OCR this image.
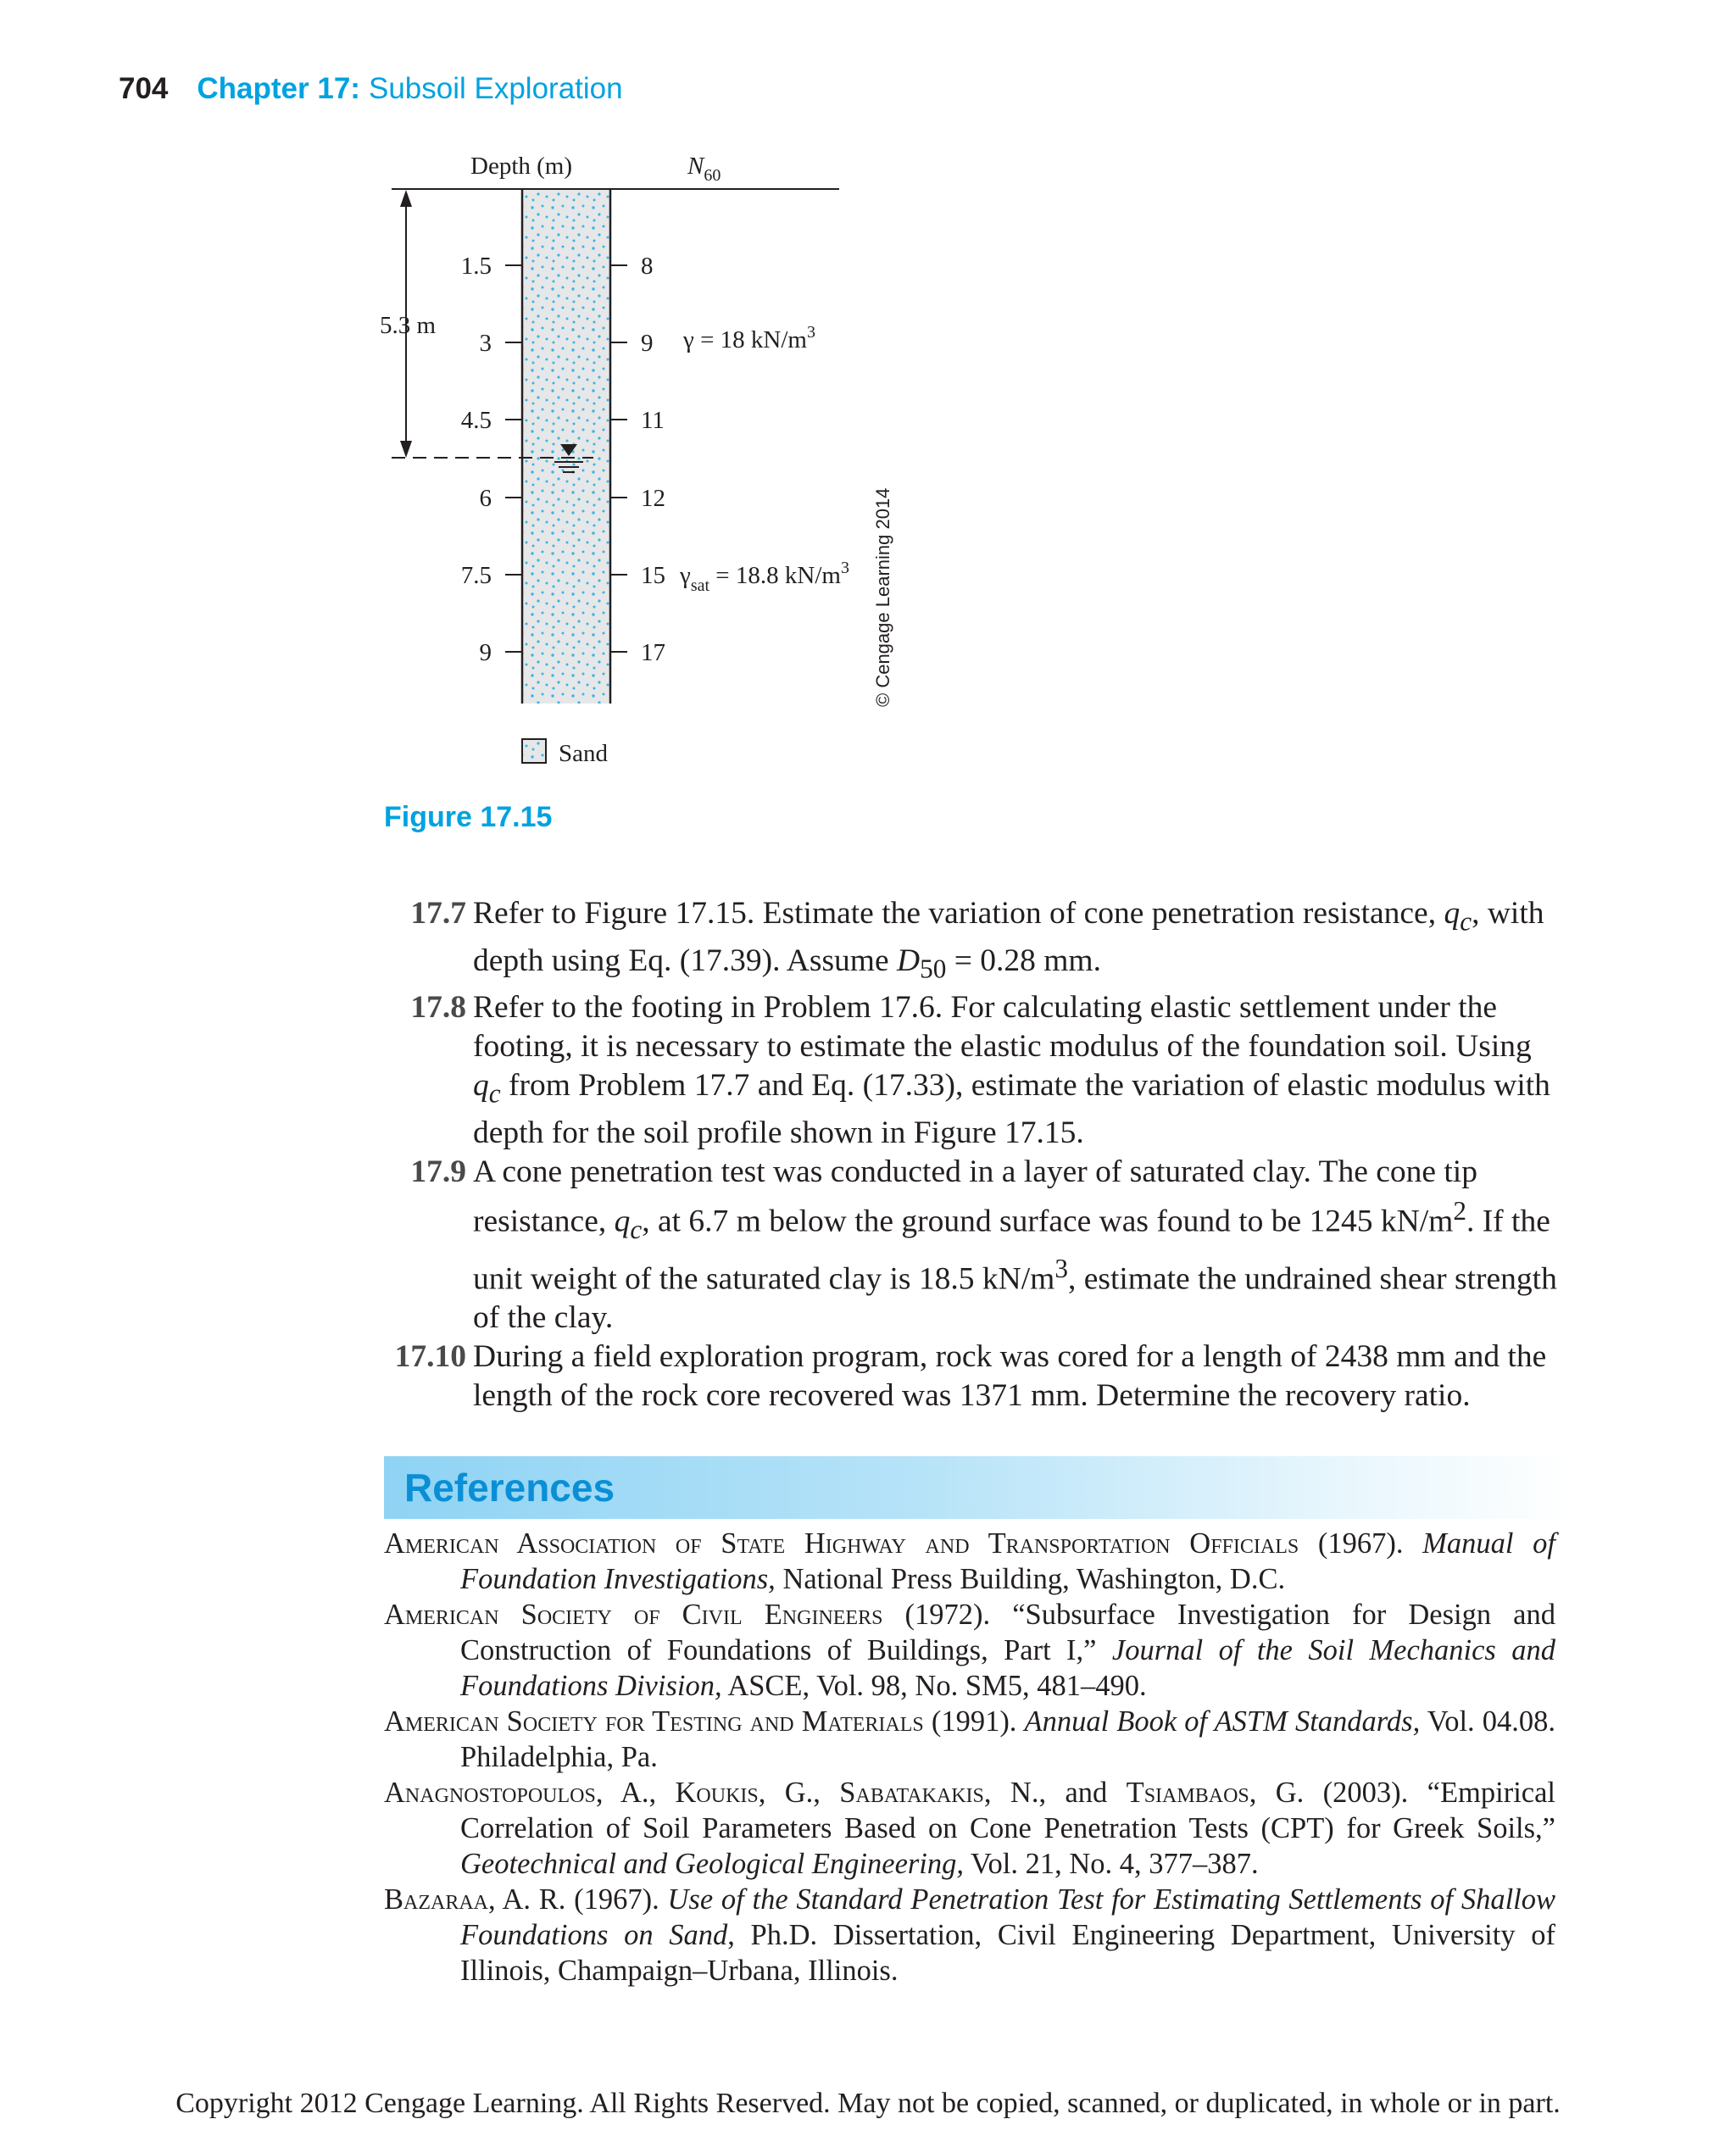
704 Chapter 17: Subsoil Exploration
Depth (m)	$N_{60}$
1.5
3
4.5
6
7.5
9
8
9
11
12
15
17
γ = 18 $kN/m^3$
$\gamma_{sat} = 18.8$ $kN/m^3$
5.3 m
Sand
© Cengage Learning 2014
Figure 17.15
17.7 Refer to Figure 17.15. Estimate the variation of cone penetration resistance, $q_c$, with depth using Eq. (17.39). Assume $D_{50} = 0.28$ mm.
17.8 Refer to the footing in Problem 17.6. For calculating elastic settlement under the footing, it is necessary to estimate the elastic modulus of the foundation soil. Using $q_c$ from Problem 17.7 and Eq. (17.33), estimate the variation of elastic modulus with depth for the soil profile shown in Figure 17.15.
17.9 A cone penetration test was conducted in a layer of saturated clay. The cone tip resistance, $q_c$, at 6.7 m below the ground surface was found to be 1245 $kN/m^2$. If the unit weight of the saturated clay is 18.5 $kN/m^3$, estimate the undrained shear strength of the clay.
17.10 During a field exploration program, rock was cored for a length of 2438 mm and the length of the rock core recovered was 1371 mm. Determine the recovery ratio.
References

American Association of State Highway and Transportation Officials (1967). Manual of Foundation Investigations, National Press Building, Washington, D.C.

American Society of Civil Engineers (1972). “Subsurface Investigation for Design and Construction of Foundations of Buildings, Part I,” Journal of the Soil Mechanics and Foundations Division, ASCE, Vol. 98, No. SM5, 481–490.

American Society for Testing and Materials (1991). Annual Book of ASTM Standards, Vol. 04.08. Philadelphia, Pa.

Anagnostopoulos, A., Koukis, G., Sabatakakis, N., and Tsiambaos, G. (2003). “Empirical Correlation of Soil Parameters Based on Cone Penetration Tests (CPT) for Greek Soils,” Geotechnical and Geological Engineering, Vol. 21, No. 4, 377–387.

Bazaraa, A. R. (1967). Use of the Standard Penetration Test for Estimating Settlements of Shallow Foundations on Sand, Ph.D. Dissertation, Civil Engineering Department, University of Illinois, Champaign–Urbana, Illinois.

Copyright 2012 Cengage Learning. All Rights Reserved. May not be copied, scanned, or duplicated, in whole or in part.
